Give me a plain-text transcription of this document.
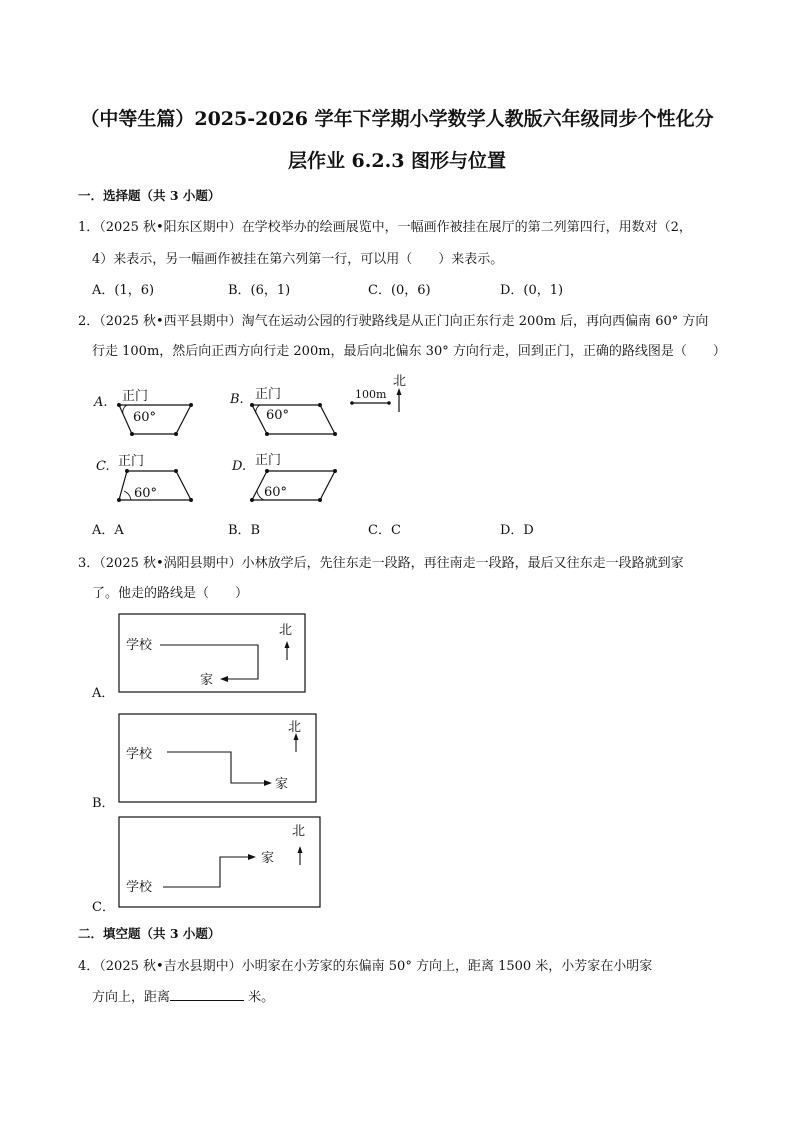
（中等生篇）2025-2026 学年下学期小学数学人教版六年级同步个性化分
层作业 6.2.3 图形与位置
一．选择题（共 3 小题）
1．（2025 秋•阳东区期中）在学校举办的绘画展览中，一幅画作被挂在展厅的第二列第四行，用数对（2，
4）来表示，另一幅画作被挂在第六列第一行，可以用（　　）来表示。
A．(1，6)	B．(6，1)	C．(0，6)	D．(0，1)
2．（2025 秋•西平县期中）淘气在运动公园的行驶路线是从正门向正东行走 200m 后，再向西偏南 60° 方向
行走 100m，然后向正西方向行走 200m，最后向北偏东 30° 方向行走，回到正门，正确的路线图是（　　）
A.	B.
C.	D.
正门	正门
正门	正门
60°	60°
60°	60°
100m
北
A．A	B．B	C．C	D．D
3．（2025 秋•涡阳县期中）小林放学后，先往东走一段路，再往南走一段路，最后又往东走一段路就到家
了。他走的路线是（　　）
学校
家
北
学校
家
北
学校
家
北
A．
B．
C．
二．填空题（共 3 小题）
4．（2025 秋•吉水县期中）小明家在小芳家的东偏南 50° 方向上，距离 1500 米，小芳家在小明家
方向上，距离	米。
